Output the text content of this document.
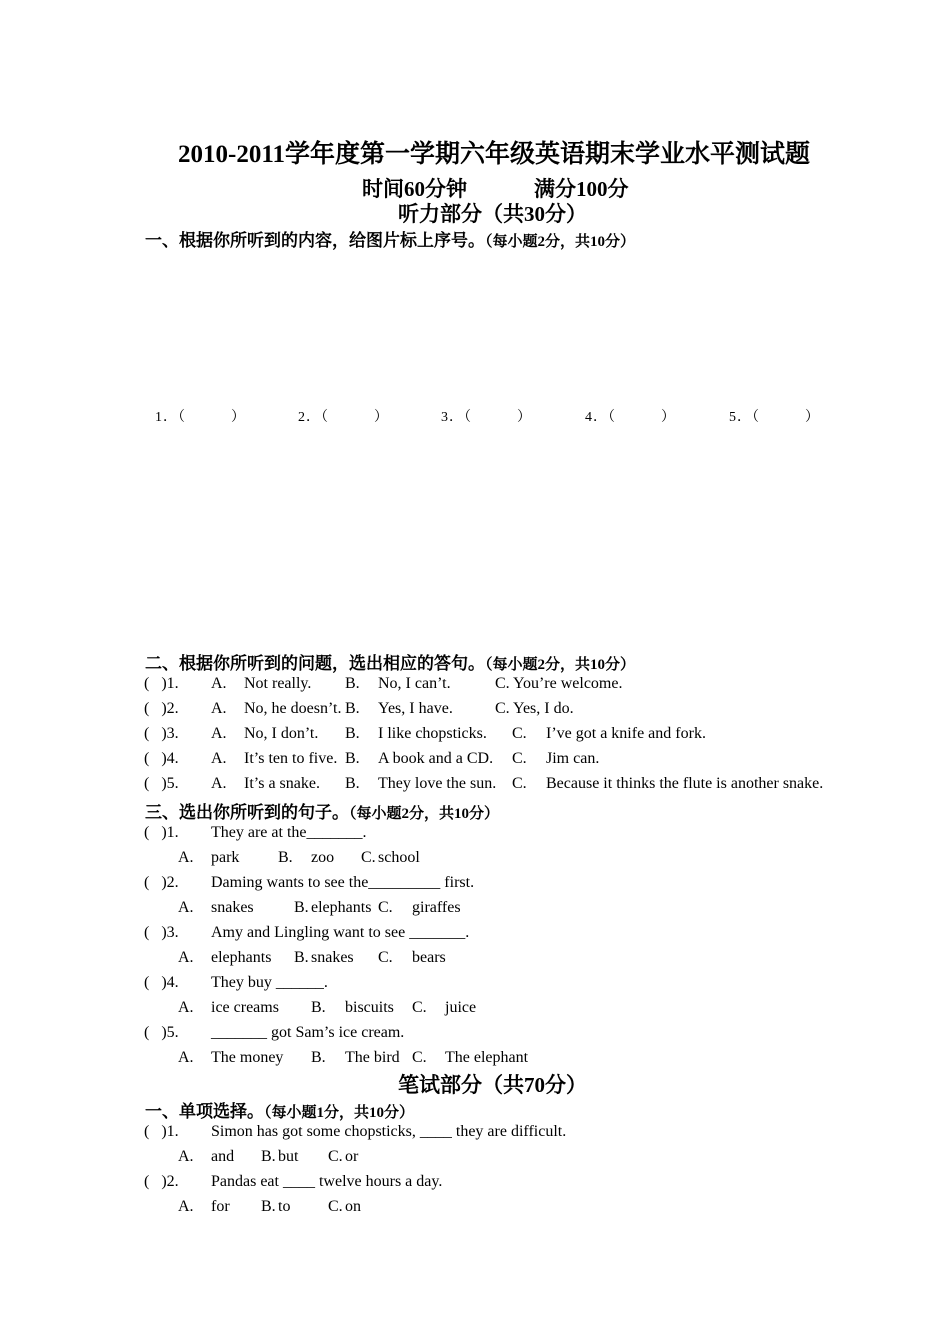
2010-2011学年度第一学期六年级英语期末学业水平测试题
时间60分钟	满分100分
听力部分（共30分）
一、根据你所听到的内容，给图片标上序号。（每小题2分，共10分）
1．（　　　）	2．（　　　）	3．（　　　）	4．（　　　）	5．（　　　）
二、根据你所听到的问题，选出相应的答句。（每小题2分，共10分）
(   )1. A. Not really. B. No, I can’t.	C. You’re welcome.
(   )2. A. No, he doesn’t. B. Yes, I have.	C. Yes, I do.
(   )3. A. No, I don’t. B. I like chopsticks. C. I’ve got a knife and fork.
(   )4. A. It’s ten to five. B. A book and a CD. C. Jim can.
(   )5. A. It’s a snake. B. They love the sun. C. Because it thinks the flute is another snake.
三、选出你所听到的句子。（每小题2分，共10分）
(   )1. They are at the_______.
A. park B. zoo C. school
(   )2. Daming wants to see the_________ first.
A. snakes	B. elephants C. giraffes
(   )3. Amy and Lingling want to see _______.
A. elephants B. snakes C. bears
(   )4. They buy ______.
A. ice creams B. biscuits C. juice
(   )5. _______ got Sam’s ice cream.
A. The money B. The bird C. The elephant
笔试部分（共70分）
一、单项选择。（每小题1分，共10分）
(   )1. Simon has got some chopsticks, ____ they are difficult.
A. and B. but C. or
(   )2. Pandas eat ____ twelve hours a day.
A. for B. to C. on
